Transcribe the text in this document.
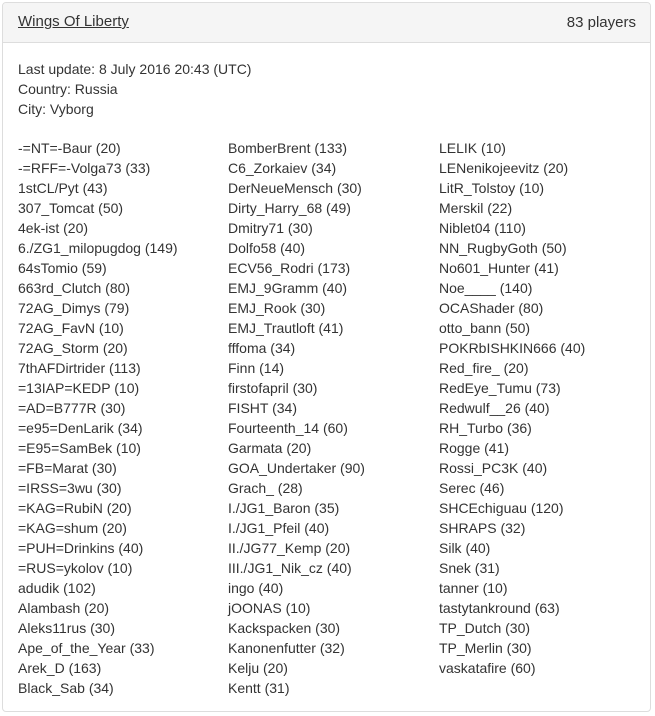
Wings Of Liberty	83 players
Last update: 8 July 2016 20:43 (UTC)
Country: Russia
City: Vyborg
-=NT=-Baur (20)
-=RFF=-Volga73 (33)
1stCL/Pyt (43)
307_Tomcat (50)
4ek-ist (20)
6./ZG1_milopugdog (149)
64sTomio (59)
663rd_Clutch (80)
72AG_Dimys (79)
72AG_FavN (10)
72AG_Storm (20)
7thAFDirtrider (113)
=13IAP=KEDP (10)
=AD=B777R (30)
=e95=DenLarik (34)
=E95=SamBek (10)
=FB=Marat (30)
=IRSS=3wu (30)
=KAG=RubiN (20)
=KAG=shum (20)
=PUH=Drinkins (40)
=RUS=ykolov (10)
adudik (102)
Alambash (20)
Aleks11rus (30)
Ape_of_the_Year (33)
Arek_D (163)
Black_Sab (34)
BomberBrent (133)
C6_Zorkaiev (34)
DerNeueMensch (30)
Dirty_Harry_68 (49)
Dmitry71 (30)
Dolfo58 (40)
ECV56_Rodri (173)
EMJ_9Gramm (40)
EMJ_Rook (30)
EMJ_Trautloft (41)
fffoma (34)
Finn (14)
firstofapril (30)
FISHT (34)
Fourteenth_14 (60)
Garmata (20)
GOA_Undertaker (90)
Grach_ (28)
I./JG1_Baron (35)
I./JG1_Pfeil (40)
II./JG77_Kemp (20)
III./JG1_Nik_cz (40)
ingo (40)
jOONAS (10)
Kackspacken (30)
Kanonenfutter (32)
Kelju (20)
Kentt (31)
LELIK (10)
LENenikojeevitz (20)
LitR_Tolstoy (10)
Merskil (22)
Niblet04 (110)
NN_RugbyGoth (50)
No601_Hunter (41)
Noe____ (140)
OCAShader (80)
otto_bann (50)
POKRbISHKIN666 (40)
Red_fire_ (20)
RedEye_Tumu (73)
Redwulf__26 (40)
RH_Turbo (36)
Rogge (41)
Rossi_PC3K (40)
Serec (46)
SHCEchiguau (120)
SHRAPS (32)
Silk (40)
Snek (31)
tanner (10)
tastytankround (63)
TP_Dutch (30)
TP_Merlin (30)
vaskatafire (60)
